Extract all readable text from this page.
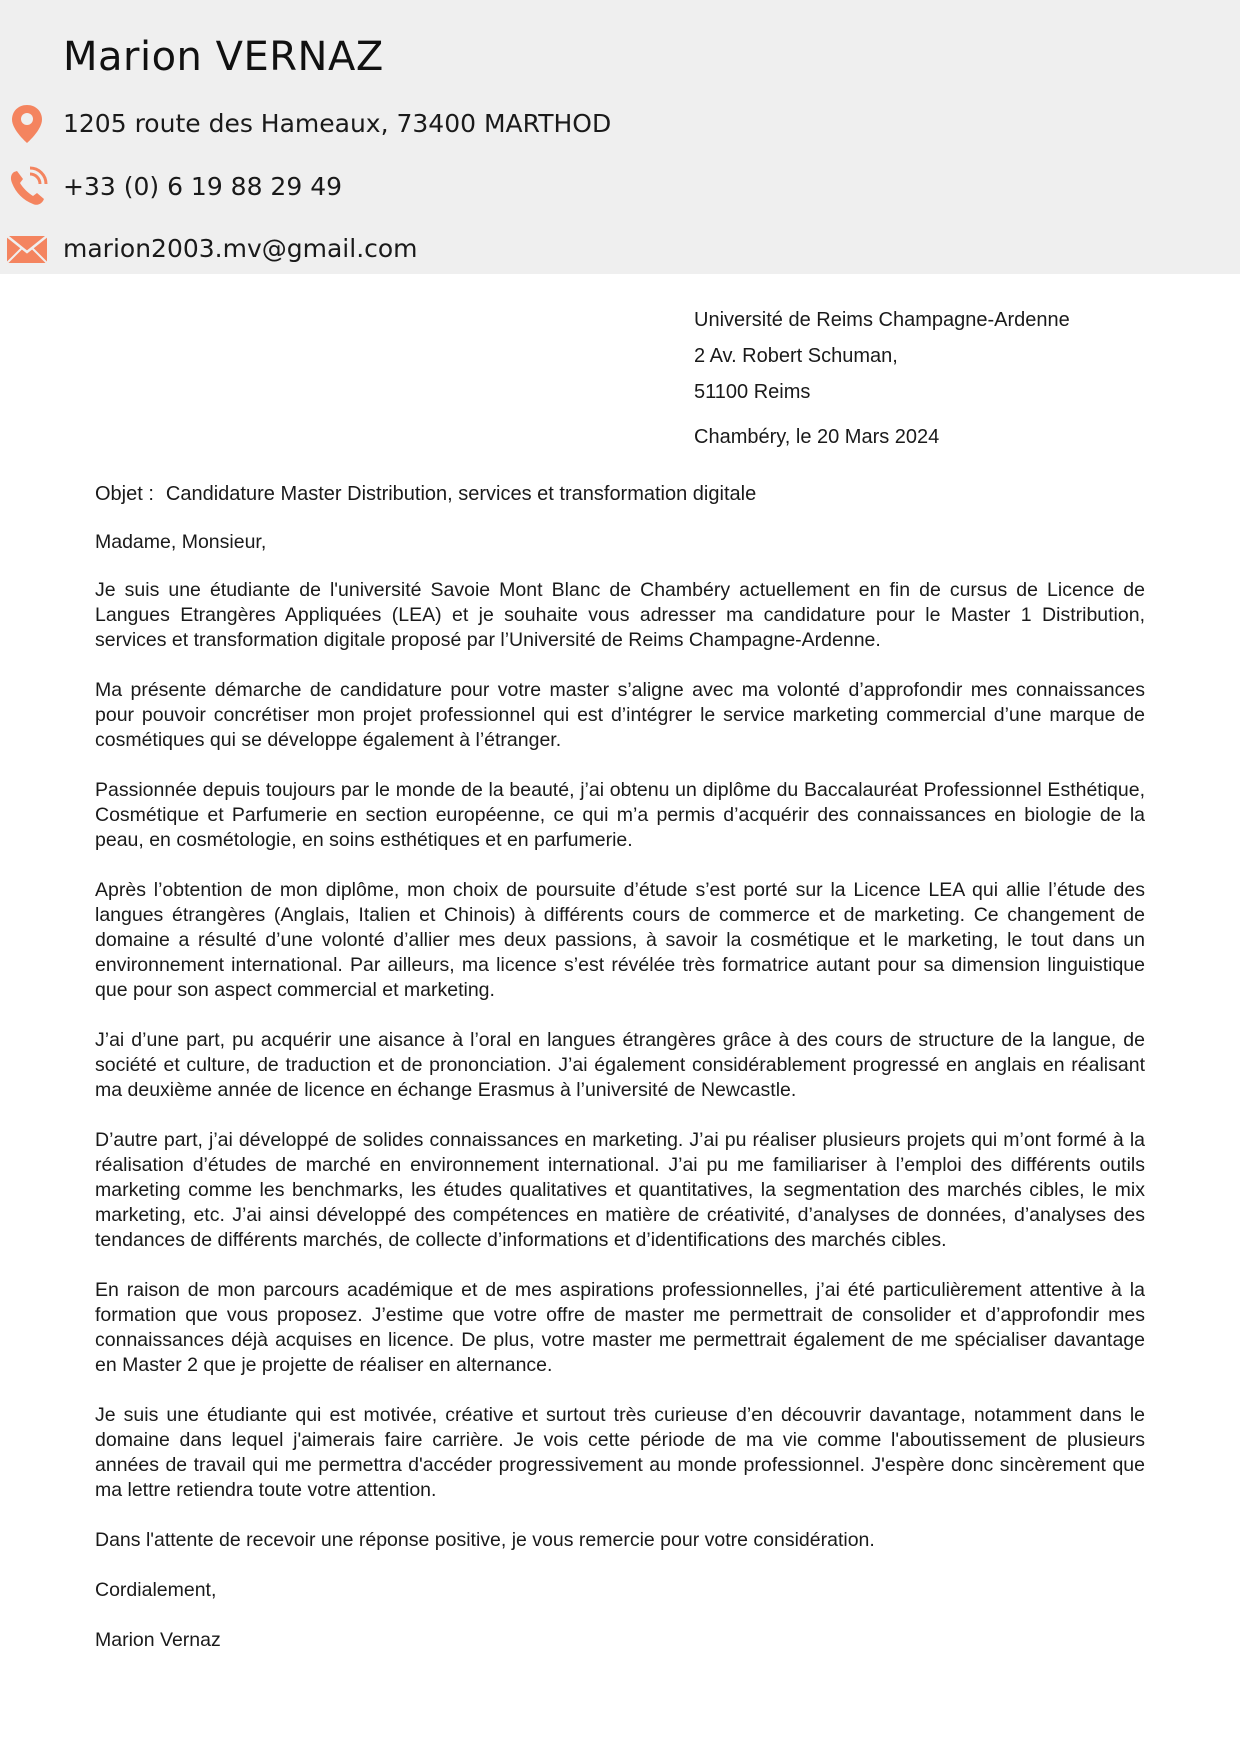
Marion VERNAZ
1205 route des Hameaux, 73400 MARTHOD
+33 (0) 6 19 88 29 49
marion2003.mv@gmail.com
Université de Reims Champagne-Ardenne
2 Av. Robert Schuman,
51100 Reims
Chambéry, le 20 Mars 2024
Objet : Candidature Master Distribution, services et transformation digitale

Madame, Monsieur,

Je suis une étudiante de l'université Savoie Mont Blanc de Chambéry actuellement en fin de cursus de Licence de Langues Etrangères Appliquées (LEA) et je souhaite vous adresser ma candidature pour le Master 1 Distribution, services et transformation digitale proposé par l’Université de Reims Champagne-Ardenne.

Ma présente démarche de candidature pour votre master s’aligne avec ma volonté d’approfondir mes connaissances pour pouvoir concrétiser mon projet professionnel qui est d’intégrer le service marketing commercial d’une marque de cosmétiques qui se développe également à l’étranger.

Passionnée depuis toujours par le monde de la beauté, j’ai obtenu un diplôme du Baccalauréat Professionnel Esthétique, Cosmétique et Parfumerie en section européenne, ce qui m’a permis d’acquérir des connaissances en biologie de la peau, en cosmétologie, en soins esthétiques et en parfumerie.

Après l’obtention de mon diplôme, mon choix de poursuite d’étude s’est porté sur la Licence LEA qui allie l’étude des langues étrangères (Anglais, Italien et Chinois) à différents cours de commerce et de marketing. Ce changement de domaine a résulté d’une volonté d’allier mes deux passions, à savoir la cosmétique et le marketing, le tout dans un environnement international. Par ailleurs, ma licence s’est révélée très formatrice autant pour sa dimension linguistique que pour son aspect commercial et marketing.

J’ai d’une part, pu acquérir une aisance à l’oral en langues étrangères grâce à des cours de structure de la langue, de société et culture, de traduction et de prononciation. J’ai également considérablement progressé en anglais en réalisant ma deuxième année de licence en échange Erasmus à l’université de Newcastle.

D’autre part, j’ai développé de solides connaissances en marketing. J’ai pu réaliser plusieurs projets qui m’ont formé à la réalisation d’études de marché en environnement international. J’ai pu me familiariser à l’emploi des différents outils marketing comme les benchmarks, les études qualitatives et quantitatives, la segmentation des marchés cibles, le mix marketing, etc. J’ai ainsi développé des compétences en matière de créativité, d’analyses de données, d’analyses des tendances de différents marchés, de collecte d’informations et d’identifications des marchés cibles.

En raison de mon parcours académique et de mes aspirations professionnelles, j’ai été particulièrement attentive à la formation que vous proposez. J’estime que votre offre de master me permettrait de consolider et d’approfondir mes connaissances déjà acquises en licence. De plus, votre master me permettrait également de me spécialiser davantage en Master 2 que je projette de réaliser en alternance.

Je suis une étudiante qui est motivée, créative et surtout très curieuse d’en découvrir davantage, notamment dans le domaine dans lequel j'aimerais faire carrière. Je vois cette période de ma vie comme l'aboutissement de plusieurs années de travail qui me permettra d'accéder progressivement au monde professionnel. J'espère donc sincèrement que ma lettre retiendra toute votre attention.

Dans l'attente de recevoir une réponse positive, je vous remercie pour votre considération.

Cordialement,

Marion Vernaz
